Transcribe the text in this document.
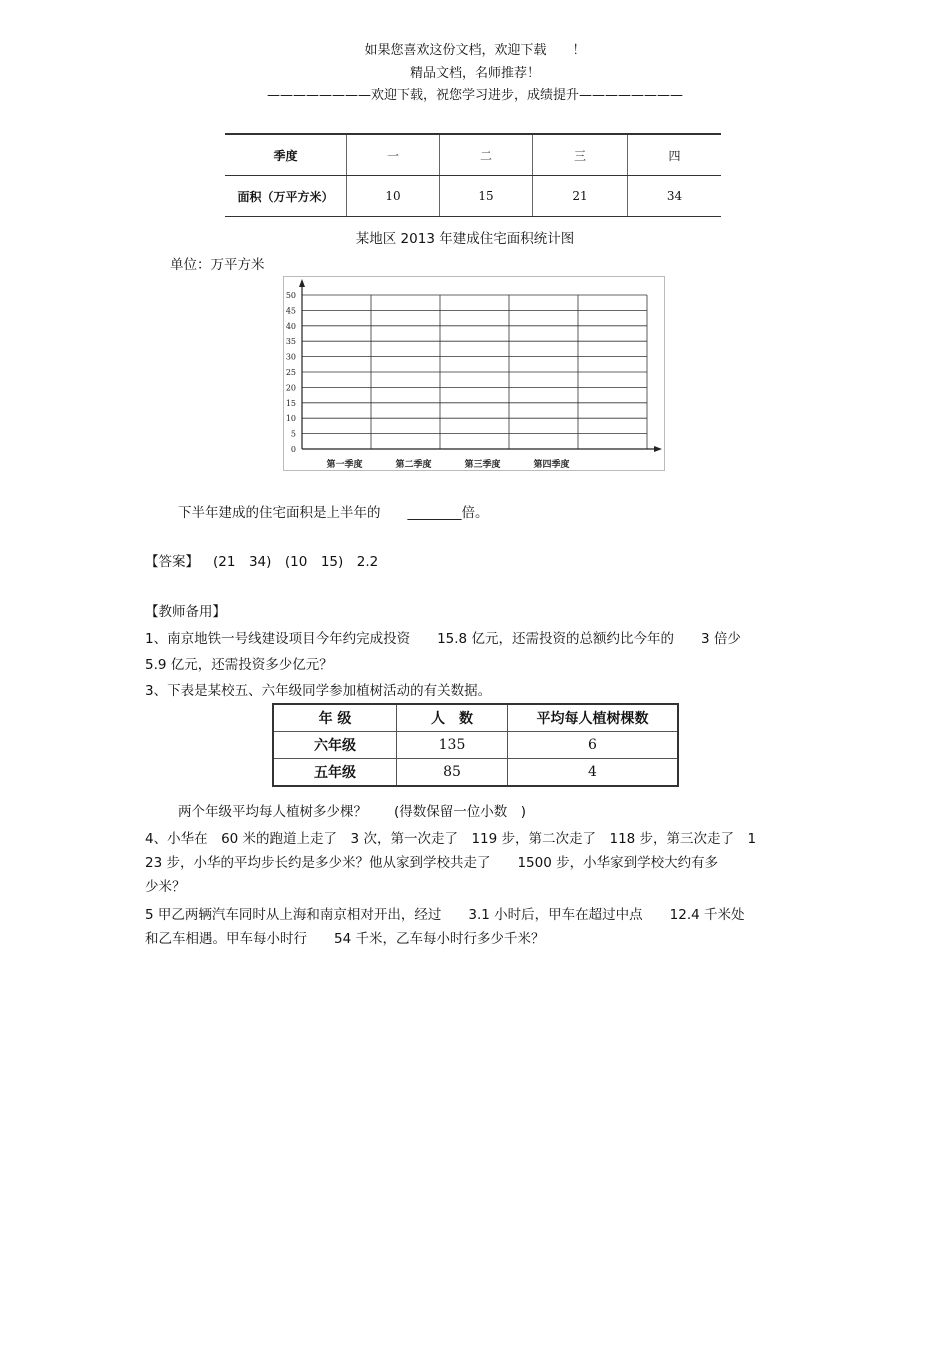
如果您喜欢这份文档，欢迎下载　　！
精品文档，名师推荐！
————————欢迎下载，祝您学习进步，成绩提升————————
季度	一	二	三	四
面积（万平方米）	10	15	21	34
某地区 2013 年建成住宅面积统计图
单位：万平方米
50
45
40
35
30
25
20
15
10
5
0
第一季度	第二季度	第三季度	第四季度
下半年建成的住宅面积是上半年的　　________倍。
【答案】 (21　34)　(10　15)　2.2
【教师备用】
1、南京地铁一号线建设项目今年约完成投资　　15.8 亿元，还需投资的总额约比今年的　　3 倍少
5.9 亿元，还需投资多少亿元？
3、下表是某校五、六年级同学参加植树活动的有关数据。
年 级	人　数	平均每人植树棵数
六年级	135	6
五年级	85	4
两个年级平均每人植树多少棵？　　(得数保留一位小数　)
4、小华在　60 米的跑道上走了　3 次，第一次走了　119 步，第二次走了　118 步，第三次走了　1
23 步，小华的平均步长约是多少米？他从家到学校共走了　　1500 步，小华家到学校大约有多
少米？
5 甲乙两辆汽车同时从上海和南京相对开出，经过　　3.1 小时后，甲车在超过中点　　12.4 千米处
和乙车相遇。甲车每小时行　　54 千米，乙车每小时行多少千米？
